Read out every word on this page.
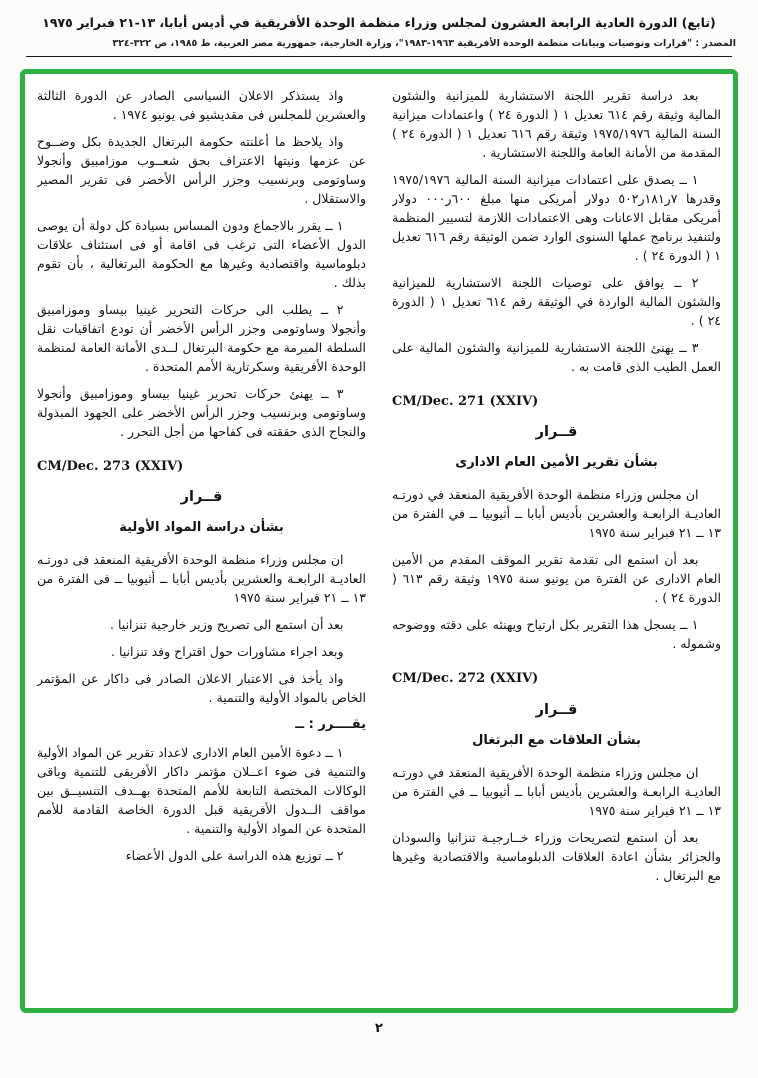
(تابع) الدورة العادية الرابعة العشرون لمجلس وزراء منظمة الوحدة الأفريقية في أديس أبابا، ١٣-٢١ فبراير ١٩٧٥
المصدر : "قرارات وتوصيات وبيانات منظمة الوحدة الأفريقية ١٩٦٣-١٩٨٣"، وزارة الخارجية، جمهورية مصر العربية، ط ١٩٨٥، ص ٣٢٢-٣٢٤

بعد دراسة تقرير اللجنة الاستشارية للميزانية والشئون المالية وثيقة رقم ٦١٤ تعديل ١ ( الدورة ٢٤ ) واعتمادات ميزانية السنة المالية ١٩٧٥/١٩٧٦ وثيقة رقم ٦١٦ تعديل ١ ( الدورة ٢٤ ) المقدمة من الأمانة العامة واللجنة الاستشارية .

١ ــ يصدق على اعتمادات ميزانية السنة المالية ١٩٧٥/١٩٧٦ وقدرها ٧ر١٨١ر٥٠٢ دولار أمريكى منها مبلغ ٦٠٠ر٠٠٠ دولار أمريكى مقابل الاعانات وهى الاعتمادات اللازمة لتسيير المنظمة ولتنفيذ برنامج عملها السنوى الوارد ضمن الوثيقة رقم ٦١٦ تعديل ١ ( الدورة ٢٤ ) .

٢ ــ يوافق على توصيات اللجنة الاستشارية للميزانية والشئون المالية الواردة في الوثيقة رقم ٦١٤ تعديل ١ ( الدورة ٢٤ ) .

٣ ــ يهنئ اللجنة الاستشارية للميزانية والشئون المالية على العمل الطيب الذى قامت به .

CM/Dec. 271 (XXIV)
قــرار
بشأن تقرير الأمين العام الادارى

ان مجلس وزراء منظمة الوحدة الأفريقية المنعقد في دورتـه العاديـة الرابعـة والعشرين بأديس أبابا ــ أثيوبيا ــ في الفترة من ١٣ ــ ٢١ فبراير سنة ١٩٧٥

بعد أن استمع الى تقدمة تقرير الموقف المقدم من الأمين العام الادارى عن الفترة من يونيو سنة ١٩٧٥ وثيقة رقم ٦١٣ ( الدورة ٢٤ ) .

١ ــ يسجل هذا التقرير بكل ارتياح ويهنئه على دقته ووضوحه وشموله .

CM/Dec. 272 (XXIV)
قــرار
بشأن العلاقات مع البرتغال

ان مجلس وزراء منظمة الوحدة الأفريقية المنعقد في دورتـه العاديـة الرابعـة والعشرين بأديس أبابا ــ أثيوبيا ــ في الفترة من ١٣ ــ ٢١ فبراير سنة ١٩٧٥

بعد أن استمع لتصريحات وزراء خــارجيـة تنزانيا والسودان والجزائر بشأن اعادة العلاقات الدبلوماسية والاقتصادية وغيرها مع البرتغال .

واذ يستذكر الاعلان السياسى الصادر عن الدورة الثالثة والعشرين للمجلس فى مقديشيو فى يونيو ١٩٧٤ .

واذ يلاحظ ما أعلنته حكومة البرتغال الجديدة بكل وضــوح عن عزمها ونيتها الاعتراف بحق شعــوب موزامبيق وأنجولا وساوتومى وبرنسيب وجزر الرأس الأخضر فى تقرير المصير والاستقلال .

١ ــ يقرر بالاجماع ودون المساس بسيادة كل دولة أن يوصى الدول الأعضاء التى ترغب فى اقامة أو فى استئناف علاقات دبلوماسية واقتصادية وغيرها مع الحكومة البرتغالية ، بأن تقوم بذلك .

٢ ــ يطلب الى حركات التحرير غينيا بيساو وموزامبيق وأنجولا وساوتومى وجزر الرأس الأخضر أن تودع اتفاقيات نقل السلطة المبرمة مع حكومة البرتغال لــدى الأمانة العامة لمنظمة الوحدة الأفريقية وسكرتارية الأمم المتحدة .

٣ ــ يهنئ حركات تحرير غينيا بيساو وموزامبيق وأنجولا وساوتومى وبرنسيب وجزر الرأس الأخضر على الجهود المبذولة والنجاح الذى حققته فى كفاحها من أجل التحرر .

CM/Dec. 273 (XXIV)
قــرار
بشأن دراسة المواد الأولية

ان مجلس وزراء منظمة الوحدة الأفريقية المنعقد فى دورتـه العاديـة الرابعـة والعشرين بأديس أبابا ــ أثيوبيا ــ فى الفترة من ١٣ ــ ٢١ فبراير سنة ١٩٧٥

بعد أن استمع الى تصريح وزير خارجية تنزانيا .

وبعد اجراء مشاورات حول اقتراح وفد تنزانيا .

واذ يأخذ فى الاعتبار الاعلان الصادر فى داكار عن المؤتمر الخاص بالمواد الأولية والتنمية .

يقــــرر : ــ

١ ــ دعوة الأمين العام الادارى لاعداد تقرير عن المواد الأولية والتنمية فى ضوء اعــلان مؤتمر داكار الأفريقى للتنمية وباقى الوكالات المختصة التابعة للأمم المتحدة بهــدف التنسيــق بين مواقف الــدول الأفريقية قبل الدورة الخاصة القادمة للأمم المتحدة عن المواد الأولية والتنمية .

٢ ــ توزيع هذه الدراسة على الدول الأعضاء

٢
